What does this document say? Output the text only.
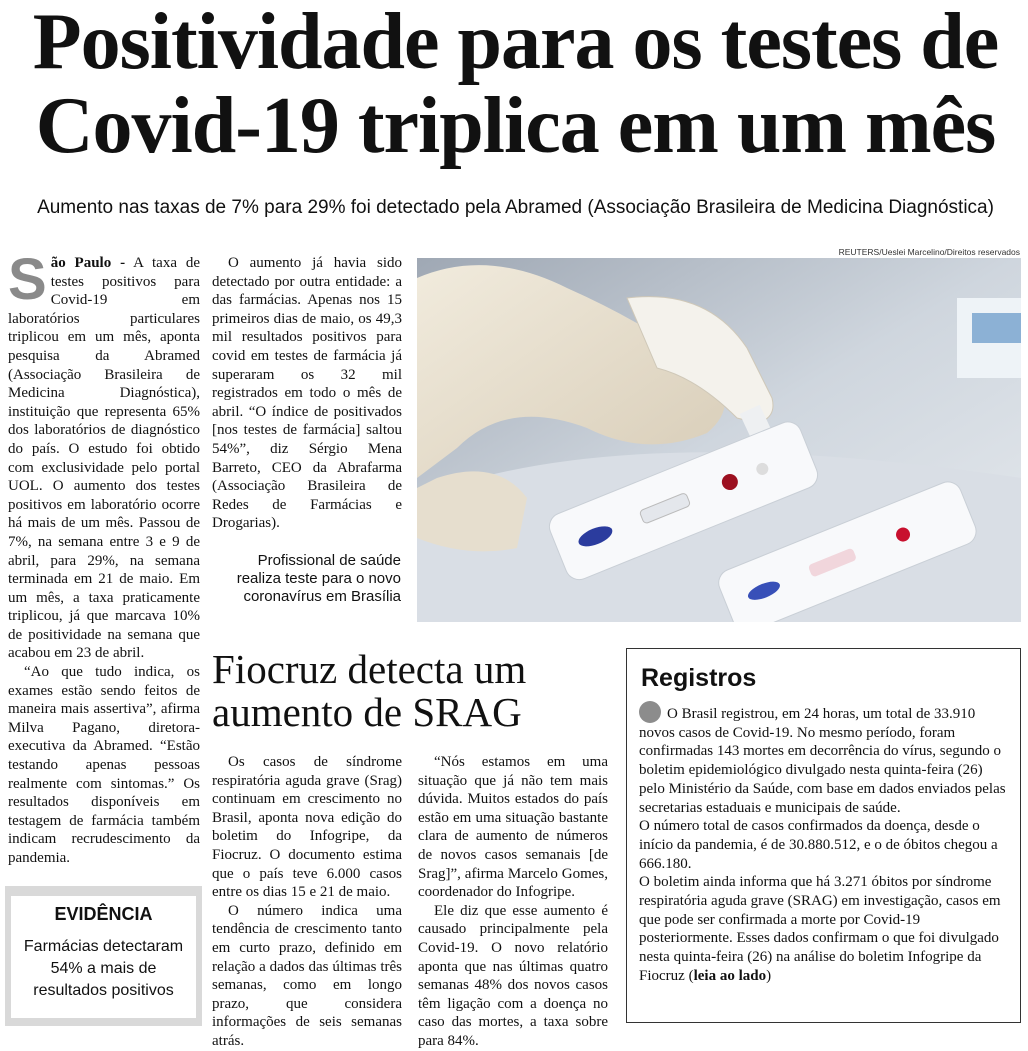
Positividade para os testes de Covid-19 triplica em um mês
Aumento nas taxas de 7% para 29% foi detectado pela Abramed (Associação Brasileira de Medicina Diagnóstica)

São Paulo - A taxa de testes positivos para Covid-19 em laboratórios particulares triplicou em um mês, aponta pesquisa da Abramed (Associação Brasileira de Medicina Diagnóstica), instituição que representa 65% dos laboratórios de diagnóstico do país. O estudo foi obtido com exclusividade pelo portal UOL. O aumento dos testes positivos em laboratório ocorre há mais de um mês. Passou de 7%, na semana entre 3 e 9 de abril, para 29%, na semana terminada em 21 de maio. Em um mês, a taxa praticamente triplicou, já que marcava 10% de positividade na semana que acabou em 23 de abril.

“Ao que tudo indica, os exames estão sendo feitos de maneira mais assertiva”, afirma Milva Pagano, diretora-executiva da Abramed. “Estão testando apenas pessoas realmente com sintomas.” Os resultados disponíveis em testagem de farmácia também indicam recrudescimento da pandemia.

O aumento já havia sido detectado por outra entidade: a das farmácias. Apenas nos 15 primeiros dias de maio, os 49,3 mil resultados positivos para covid em testes de farmácia já superaram os 32 mil registrados em todo o mês de abril. “O índice de positivados [nos testes de farmácia] saltou 54%”, diz Sérgio Mena Barreto, CEO da Abrafarma (Associação Brasileira de Redes de Farmácias e Drogarias).

REUTERS/Ueslei Marcelino/Direitos reservados
Profissional de saúde realiza teste para o novo coronavírus em Brasília
Fiocruz detecta um aumento de SRAG

Os casos de síndrome respiratória aguda grave (Srag) continuam em crescimento no Brasil, aponta nova edição do boletim do Infogripe, da Fiocruz. O documento estima que o país teve 6.000 casos entre os dias 15 e 21 de maio.

O número indica uma tendência de crescimento tanto em curto prazo, definido em relação a dados das últimas três semanas, como em longo prazo, que considera informações de seis semanas atrás.

“Nós estamos em uma situação que já não tem mais dúvida. Muitos estados do país estão em uma situação bastante clara de aumento de números de novos casos semanais [de Srag]”, afirma Marcelo Gomes, coordenador do Infogripe.

Ele diz que esse aumento é causado principalmente pela Covid-19. O novo relatório aponta que nas últimas quatro semanas 48% dos novos casos têm ligação com a doença no caso das mortes, a taxa sobre para 84%.

Registros

O Brasil registrou, em 24 horas, um total de 33.910 novos casos de Covid-19. No mesmo período, foram confirmadas 143 mortes em decorrência do vírus, segundo o boletim epidemiológico divulgado nesta quinta-feira (26) pelo Ministério da Saúde, com base em dados enviados pelas secretarias estaduais e municipais de saúde.

O número total de casos confirmados da doença, desde o início da pandemia, é de 30.880.512, e o de óbitos chegou a 666.180.

O boletim ainda informa que há 3.271 óbitos por síndrome respiratória aguda grave (SRAG) em investigação, casos em que pode ser confirmada a morte por Covid-19 posteriormente. Esses dados confirmam o que foi divulgado nesta quinta-feira (26) na análise do boletim Infogripe da Fiocruz (leia ao lado)

EVIDÊNCIA
Farmácias detectaram 54% a mais de resultados positivos
